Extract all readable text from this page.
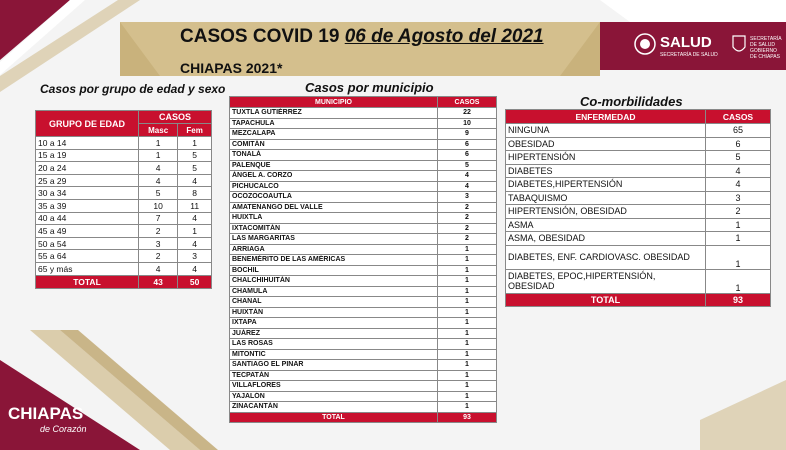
CASOS COVID 19 06 de Agosto del 2021
CHIAPAS 2021*
SALUD
SECRETARÍA DE SALUD
SECRETARÍA DE SALUD GOBIERNO DE CHIAPAS
Casos por grupo de edad y sexo
GRUPO DE EDAD	CASOS	
	Masc	Fem
10 a 14	1	1
15 a 19	1	5
20 a 24	4	5
25 a 29	4	4
30 a 34	5	8
35 a 39	10	11
40 a 44	7	4
45 a 49	2	1
50 a 54	3	4
55 a 64	2	3
65 y más	4	4
TOTAL	43	50
Casos por municipio
MUNICIPIO	CASOS
TUXTLA GUTIÉRREZ	22
TAPACHULA	10
MEZCALAPA	9
COMITÁN	6
TONALÁ	6
PALENQUE	5
ÁNGEL A. CORZO	4
PICHUCALCO	4
OCOZOCOAUTLA	3
AMATENANGO DEL VALLE	2
HUIXTLA	2
IXTACOMITÁN	2
LAS MARGARITAS	2
ARRIAGA	1
BENEMÉRITO DE LAS AMÉRICAS	1
BOCHIL	1
CHALCHIHUITÁN	1
CHAMULA	1
CHANAL	1
HUIXTÁN	1
IXTAPA	1
JUÁREZ	1
LAS ROSAS	1
MITONTIC	1
SANTIAGO EL PINAR	1
TECPATÁN	1
VILLAFLORES	1
YAJALÓN	1
ZINACANTÁN	1
TOTAL	93
Co-morbilidades
ENFERMEDAD	CASOS
NINGUNA	65
OBESIDAD	6
HIPERTENSIÓN	5
DIABETES	4
DIABETES,HIPERTENSIÓN	4
TABAQUISMO	3
HIPERTENSIÓN, OBESIDAD	2
ASMA	1
ASMA, OBESIDAD	1
DIABETES, ENF. CARDIOVASC. OBESIDAD	1
DIABETES, EPOC,HIPERTENSIÓN, OBESIDAD	1
TOTAL	93
CHIAPAS
de Corazón
